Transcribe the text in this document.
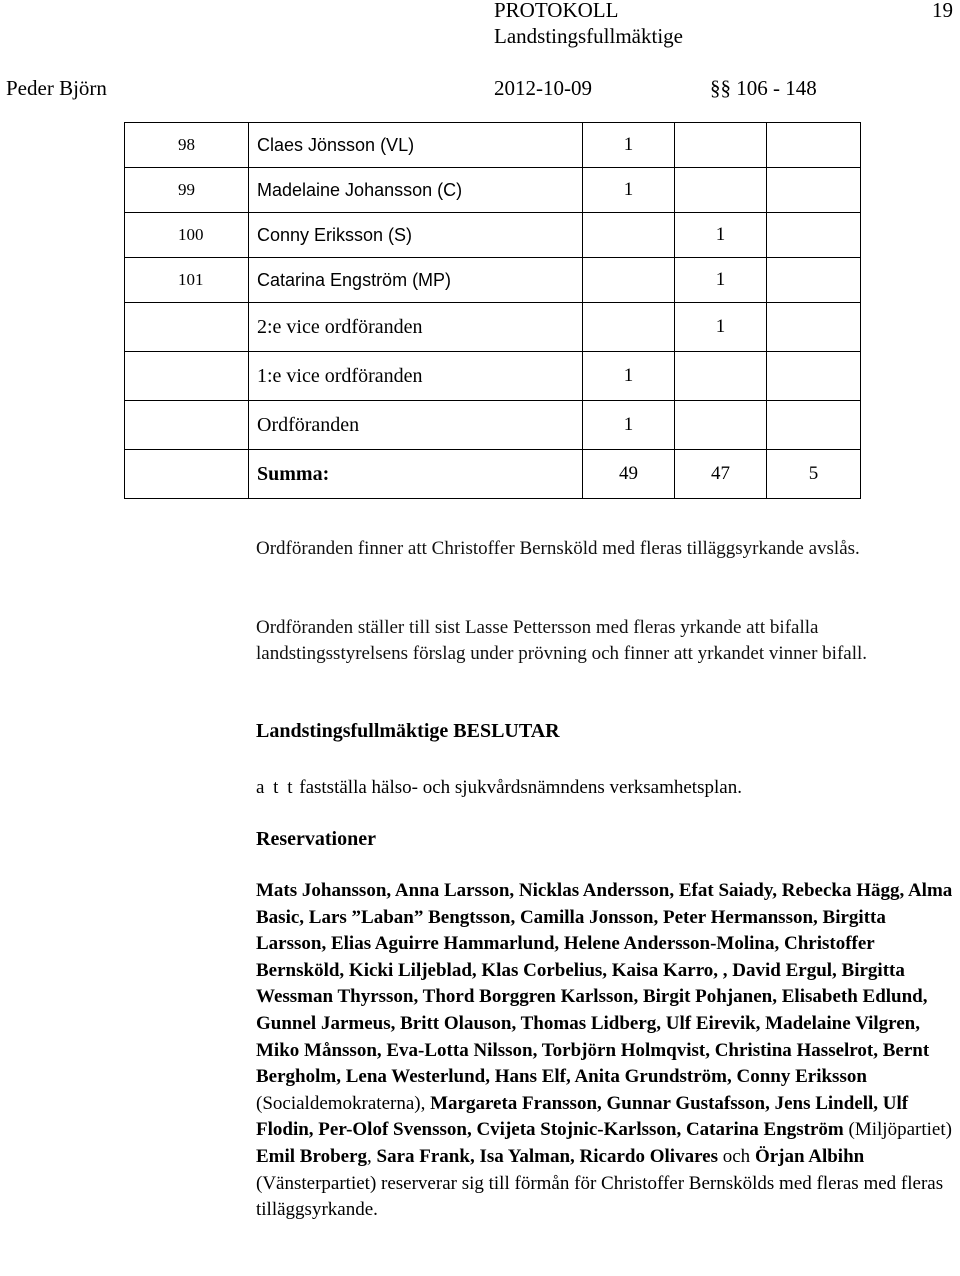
PROTOKOLL	19
Landstingsfullmäktige
Peder Björn	2012-10-09	§§ 106 - 148
98	Claes Jönsson (VL)	1		
99	Madelaine Johansson (C)	1		
100	Conny Eriksson (S)		1	
101	Catarina Engström (MP)		1	
	2:e vice ordföranden		1	
	1:e vice ordföranden	1		
	Ordföranden	1		
	Summa:	49	47	5
Ordföranden finner att Christoffer Bernsköld med fleras tilläggsyrkande avslås.
Ordföranden ställer till sist Lasse Pettersson med fleras yrkande att bifalla landstingsstyrelsens förslag under prövning och finner att yrkandet vinner bifall.
Landstingsfullmäktige BESLUTAR
a t t fastställa hälso- och sjukvårdsnämndens verksamhetsplan.
Reservationer
Mats Johansson, Anna Larsson, Nicklas Andersson, Efat Saiady, Rebecka Hägg, Alma Basic, Lars ”Laban” Bengtsson, Camilla Jonsson, Peter Hermansson, Birgitta Larsson, Elias Aguirre Hammarlund, Helene Andersson-Molina, Christoffer Bernsköld, Kicki Liljeblad, Klas Corbelius, Kaisa Karro, , David Ergul, Birgitta Wessman Thyrsson, Thord Borggren Karlsson, Birgit Pohjanen, Elisabeth Edlund, Gunnel Jarmeus, Britt Olauson, Thomas Lidberg, Ulf Eirevik, Madelaine Vilgren, Miko Månsson, Eva-Lotta Nilsson, Torbjörn Holmqvist, Christina Hasselrot, Bernt Bergholm, Lena Westerlund, Hans Elf, Anita Grundström, Conny Eriksson (Socialdemokraterna), Margareta Fransson, Gunnar Gustafsson, Jens Lindell, Ulf Flodin, Per-Olof Svensson, Cvijeta Stojnic-Karlsson, Catarina Engström (Miljöpartiet) Emil Broberg, Sara Frank, Isa Yalman, Ricardo Olivares och Örjan Albihn (Vänsterpartiet) reserverar sig till förmån för Christoffer Bernskölds med fleras med fleras tilläggsyrkande.
